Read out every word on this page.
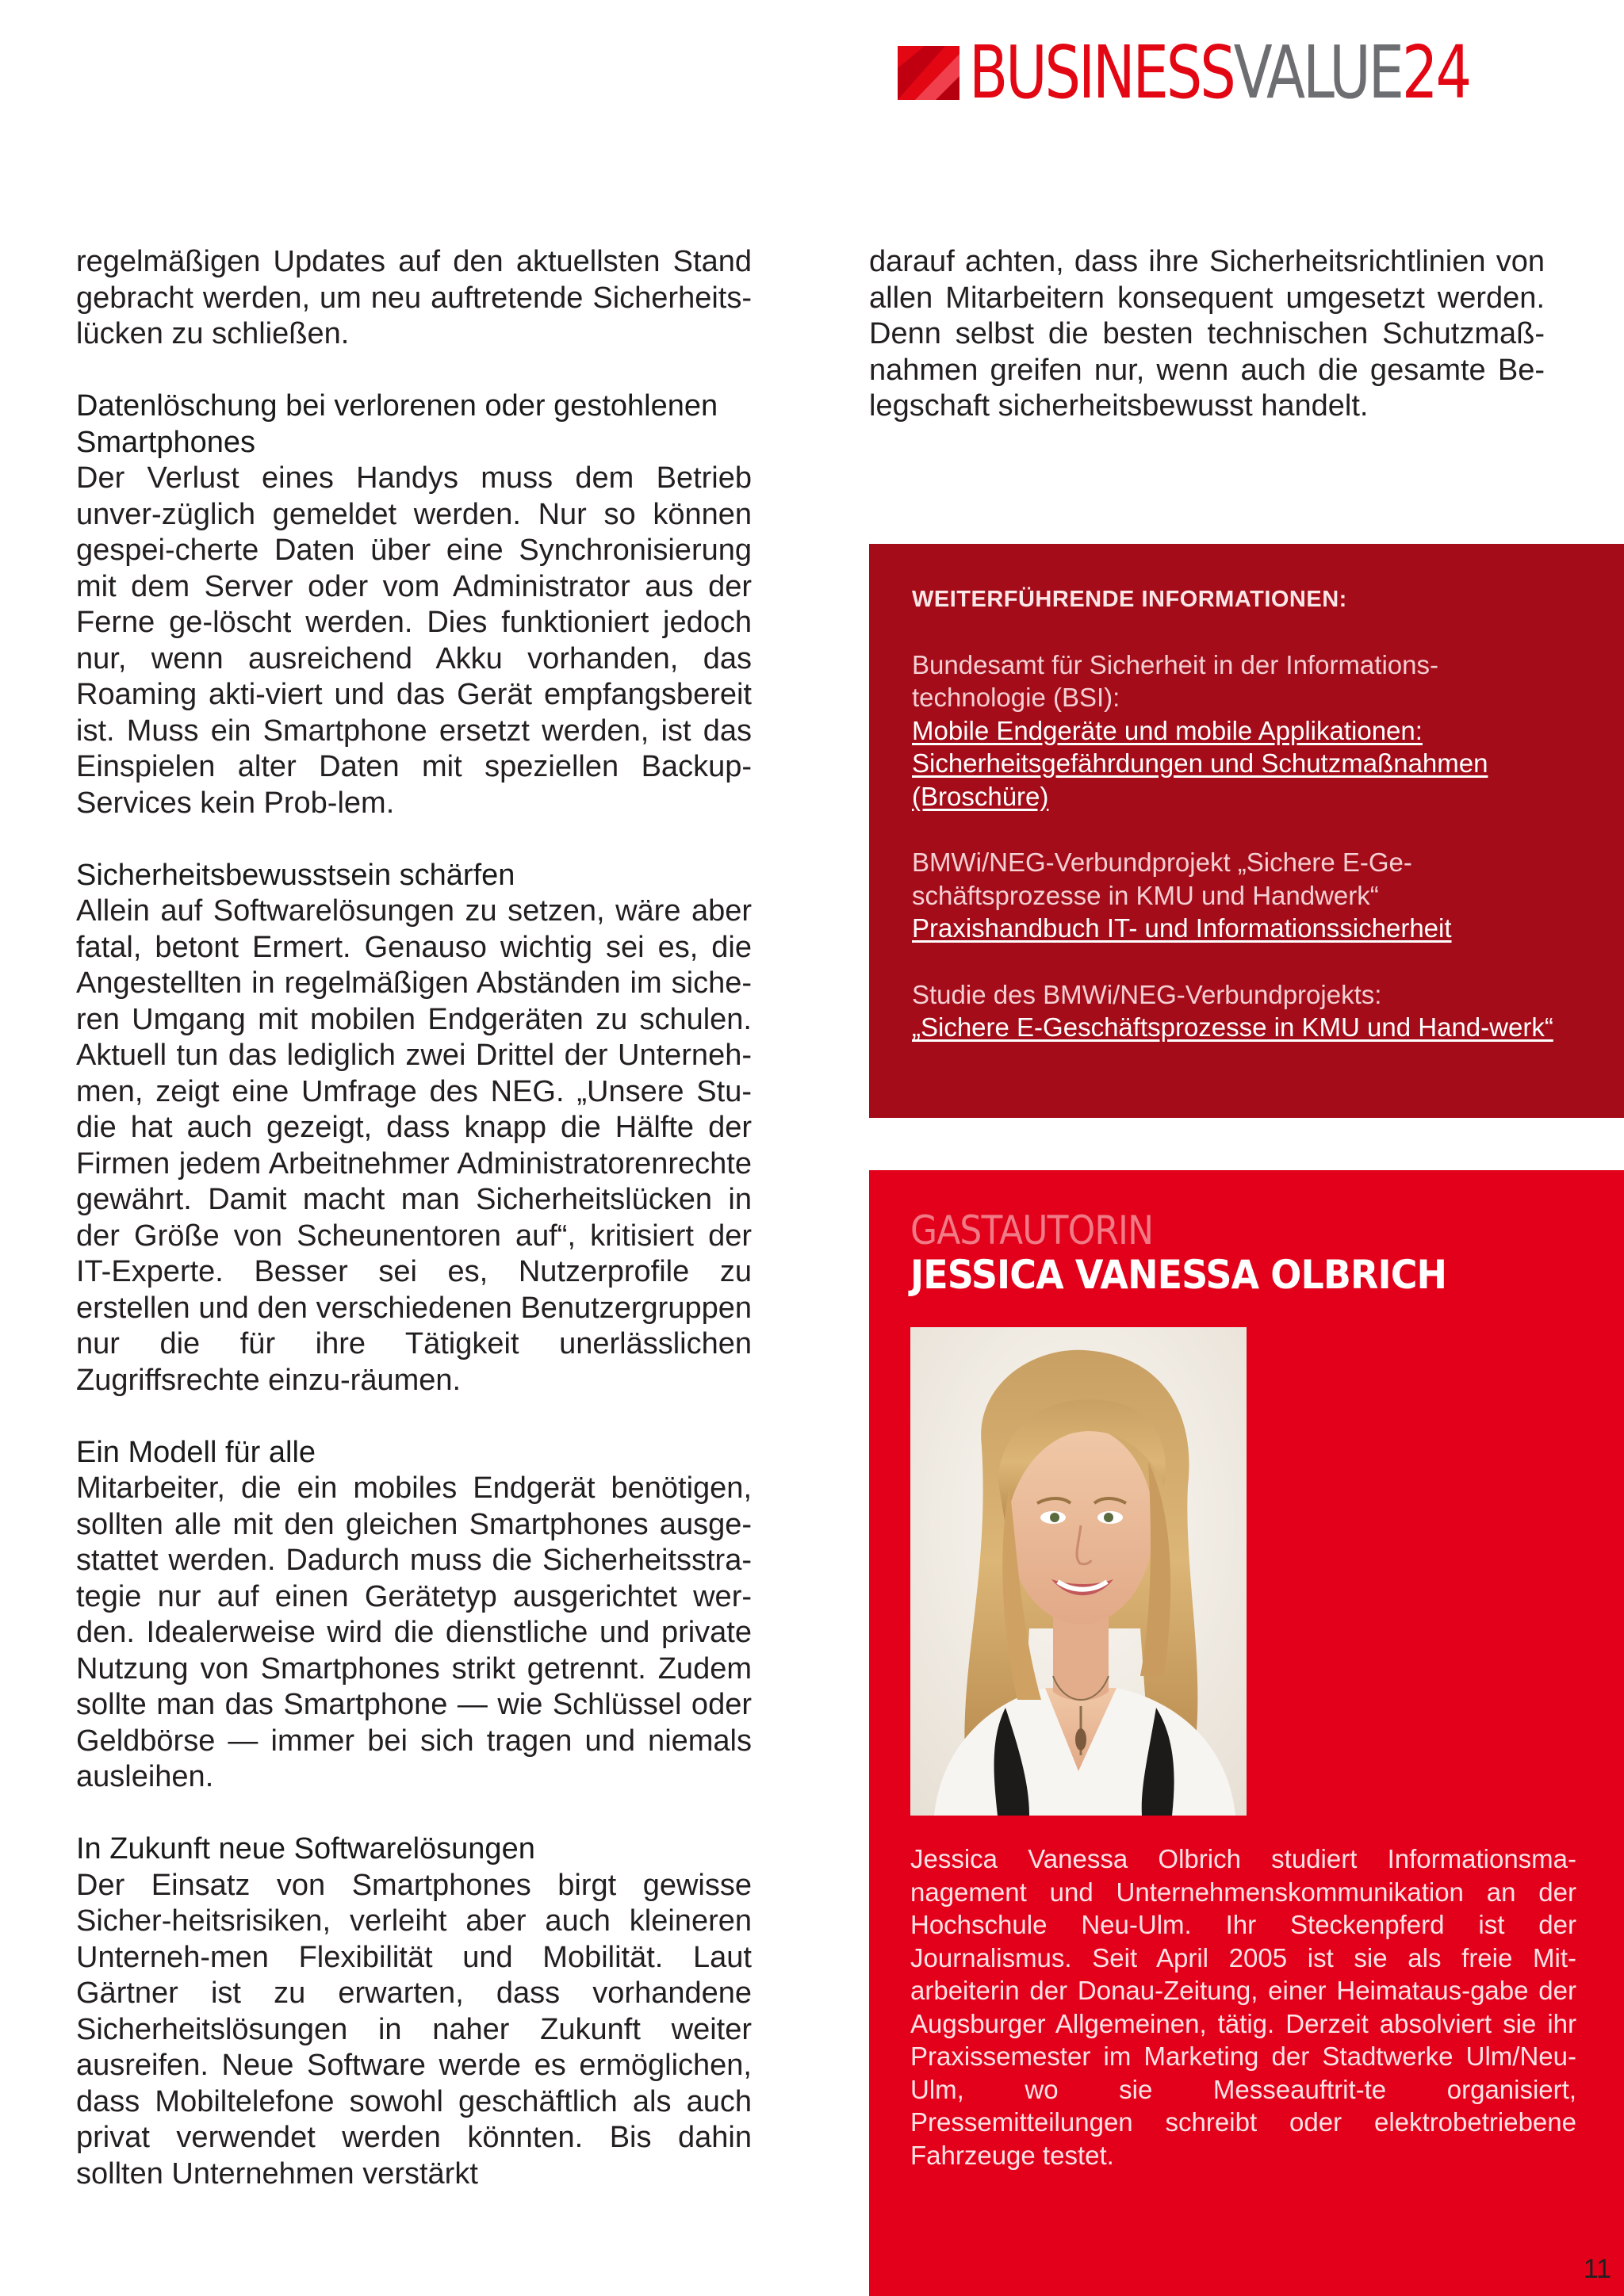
BUSINESSVALUE24

regelmäßigen Updates auf den aktuellsten Stand gebracht werden, um neu auftretende Sicherheits-lücken zu schließen.

Datenlöschung bei verlorenen oder gestohlenen Smartphones

Der Verlust eines Handys muss dem Betrieb unver-züglich gemeldet werden. Nur so können gespei-cherte Daten über eine Synchronisierung mit dem Server oder vom Administrator aus der Ferne ge-löscht werden. Dies funktioniert jedoch nur, wenn ausreichend Akku vorhanden, das Roaming akti-viert und das Gerät empfangsbereit ist. Muss ein Smartphone ersetzt werden, ist das Einspielen alter Daten mit speziellen Backup-Services kein Prob-lem.

Sicherheitsbewusstsein schärfen

Allein auf Softwarelösungen zu setzen, wäre aber fatal, betont Ermert. Genauso wichtig sei es, die Angestellten in regelmäßigen Abständen im siche-ren Umgang mit mobilen Endgeräten zu schulen. Aktuell tun das lediglich zwei Drittel der Unterneh-men, zeigt eine Umfrage des NEG. „Unsere Stu-die hat auch gezeigt, dass knapp die Hälfte der Firmen jedem Arbeitnehmer Administratorenrechte gewährt. Damit macht man Sicherheitslücken in der Größe von Scheunentoren auf“, kritisiert der IT-Experte. Besser sei es, Nutzerprofile zu erstellen und den verschiedenen Benutzergruppen nur die für ihre Tätigkeit unerlässlichen Zugriffsrechte einzu-räumen.

Ein Modell für alle

Mitarbeiter, die ein mobiles Endgerät benötigen, sollten alle mit den gleichen Smartphones ausge-stattet werden. Dadurch muss die Sicherheitsstra-tegie nur auf einen Gerätetyp ausgerichtet wer-den. Idealerweise wird die dienstliche und private Nutzung von Smartphones strikt getrennt. Zudem sollte man das Smartphone — wie Schlüssel oder Geldbörse — immer bei sich tragen und niemals ausleihen.

In Zukunft neue Softwarelösungen

Der Einsatz von Smartphones birgt gewisse Sicher-heitsrisiken, verleiht aber auch kleineren Unterneh-men Flexibilität und Mobilität. Laut Gärtner ist zu erwarten, dass vorhandene Sicherheitslösungen in naher Zukunft weiter ausreifen. Neue Software werde es ermöglichen, dass Mobiltelefone sowohl geschäftlich als auch privat verwendet werden könnten. Bis dahin sollten Unternehmen verstärkt

darauf achten, dass ihre Sicherheitsrichtlinien von allen Mitarbeitern konsequent umgesetzt werden. Denn selbst die besten technischen Schutzmaß-nahmen greifen nur, wenn auch die gesamte Be-legschaft sicherheitsbewusst handelt.

WEITERFÜHRENDE INFORMATIONEN:
Bundesamt für Sicherheit in der Informations-technologie (BSI):
Mobile Endgeräte und mobile Applikationen: Sicherheitsgefährdungen und Schutzmaßnahmen (Broschüre)
BMWi/NEG-Verbundprojekt „Sichere E-Ge-schäftsprozesse in KMU und Handwerk“
Praxishandbuch IT- und Informationssicherheit
Studie des BMWi/NEG-Verbundprojekts:
„Sichere E-Geschäftsprozesse in KMU und Hand-werk“
GASTAUTORIN
JESSICA VANESSA OLBRICH

Jessica Vanessa Olbrich studiert Informationsma-nagement und Unternehmenskommunikation an der Hochschule Neu-Ulm. Ihr Steckenpferd ist der Journalismus. Seit April 2005 ist sie als freie Mit-arbeiterin der Donau-Zeitung, einer Heimataus-gabe der Augsburger Allgemeinen, tätig. Derzeit absolviert sie ihr Praxissemester im Marketing der Stadtwerke Ulm/Neu-Ulm, wo sie Messeauftrit-te organisiert, Pressemitteilungen schreibt oder elektrobetriebene Fahrzeuge testet.

11
